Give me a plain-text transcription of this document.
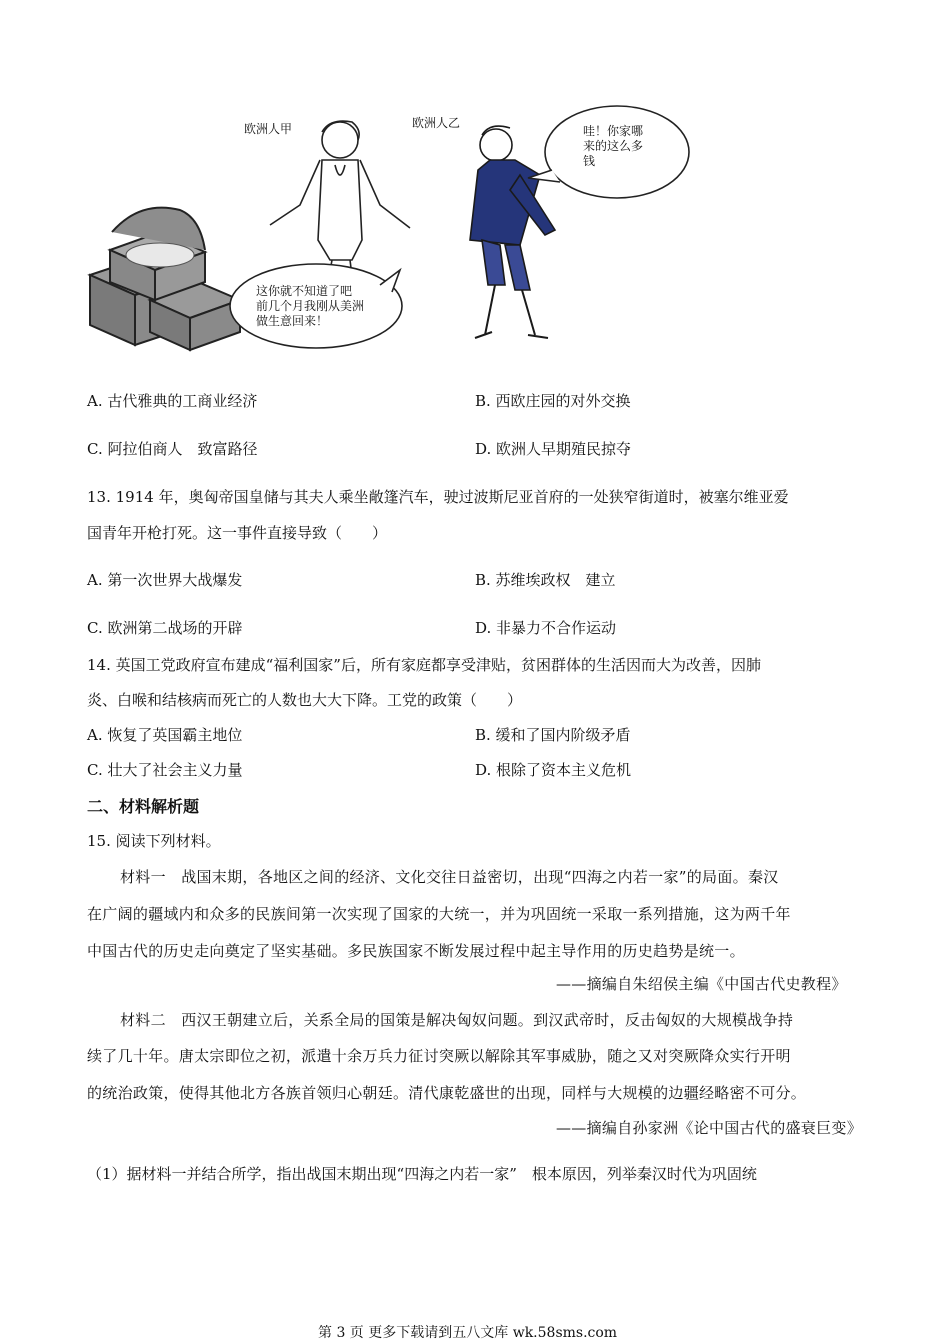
欧洲人甲	欧洲人乙
哇！你家哪
来的这么多
钱
这你就不知道了吧
前几个月我刚从美洲
做生意回来！
A. 古代雅典的工商业经济	B. 西欧庄园的对外交换
C. 阿拉伯商人　致富路径	D. 欧洲人早期殖民掠夺
13. 1914 年，奥匈帝国皇储与其夫人乘坐敞篷汽车，驶过波斯尼亚首府的一处狭窄街道时，被塞尔维亚爱
国青年开枪打死。这一事件直接导致（　　）
A. 第一次世界大战爆发	B. 苏维埃政权　建立
C. 欧洲第二战场的开辟	D. 非暴力不合作运动
14. 英国工党政府宣布建成“福利国家”后，所有家庭都享受津贴，贫困群体的生活因而大为改善，因肺
炎、白喉和结核病而死亡的人数也大大下降。工党的政策（　　）
A. 恢复了英国霸主地位	B. 缓和了国内阶级矛盾
C. 壮大了社会主义力量	D. 根除了资本主义危机
二、材料解析题
15. 阅读下列材料。
材料一　战国末期，各地区之间的经济、文化交往日益密切，出现“四海之内若一家”的局面。秦汉
在广阔的疆域内和众多的民族间第一次实现了国家的大统一，并为巩固统一采取一系列措施，这为两千年
中国古代的历史走向奠定了坚实基础。多民族国家不断发展过程中起主导作用的历史趋势是统一。
——摘编自朱绍侯主编《中国古代史教程》
材料二　西汉王朝建立后，关系全局的国策是解决匈奴问题。到汉武帝时，反击匈奴的大规模战争持
续了几十年。唐太宗即位之初，派遣十余万兵力征讨突厥以解除其军事威胁，随之又对突厥降众实行开明
的统治政策，使得其他北方各族首领归心朝廷。清代康乾盛世的出现，同样与大规模的边疆经略密不可分。
——摘编自孙家洲《论中国古代的盛衰巨变》
（1）据材料一并结合所学，指出战国末期出现“四海之内若一家”　根本原因，列举秦汉时代为巩固统
第 3 页 更多下载请到五八文库 wk.58sms.com
